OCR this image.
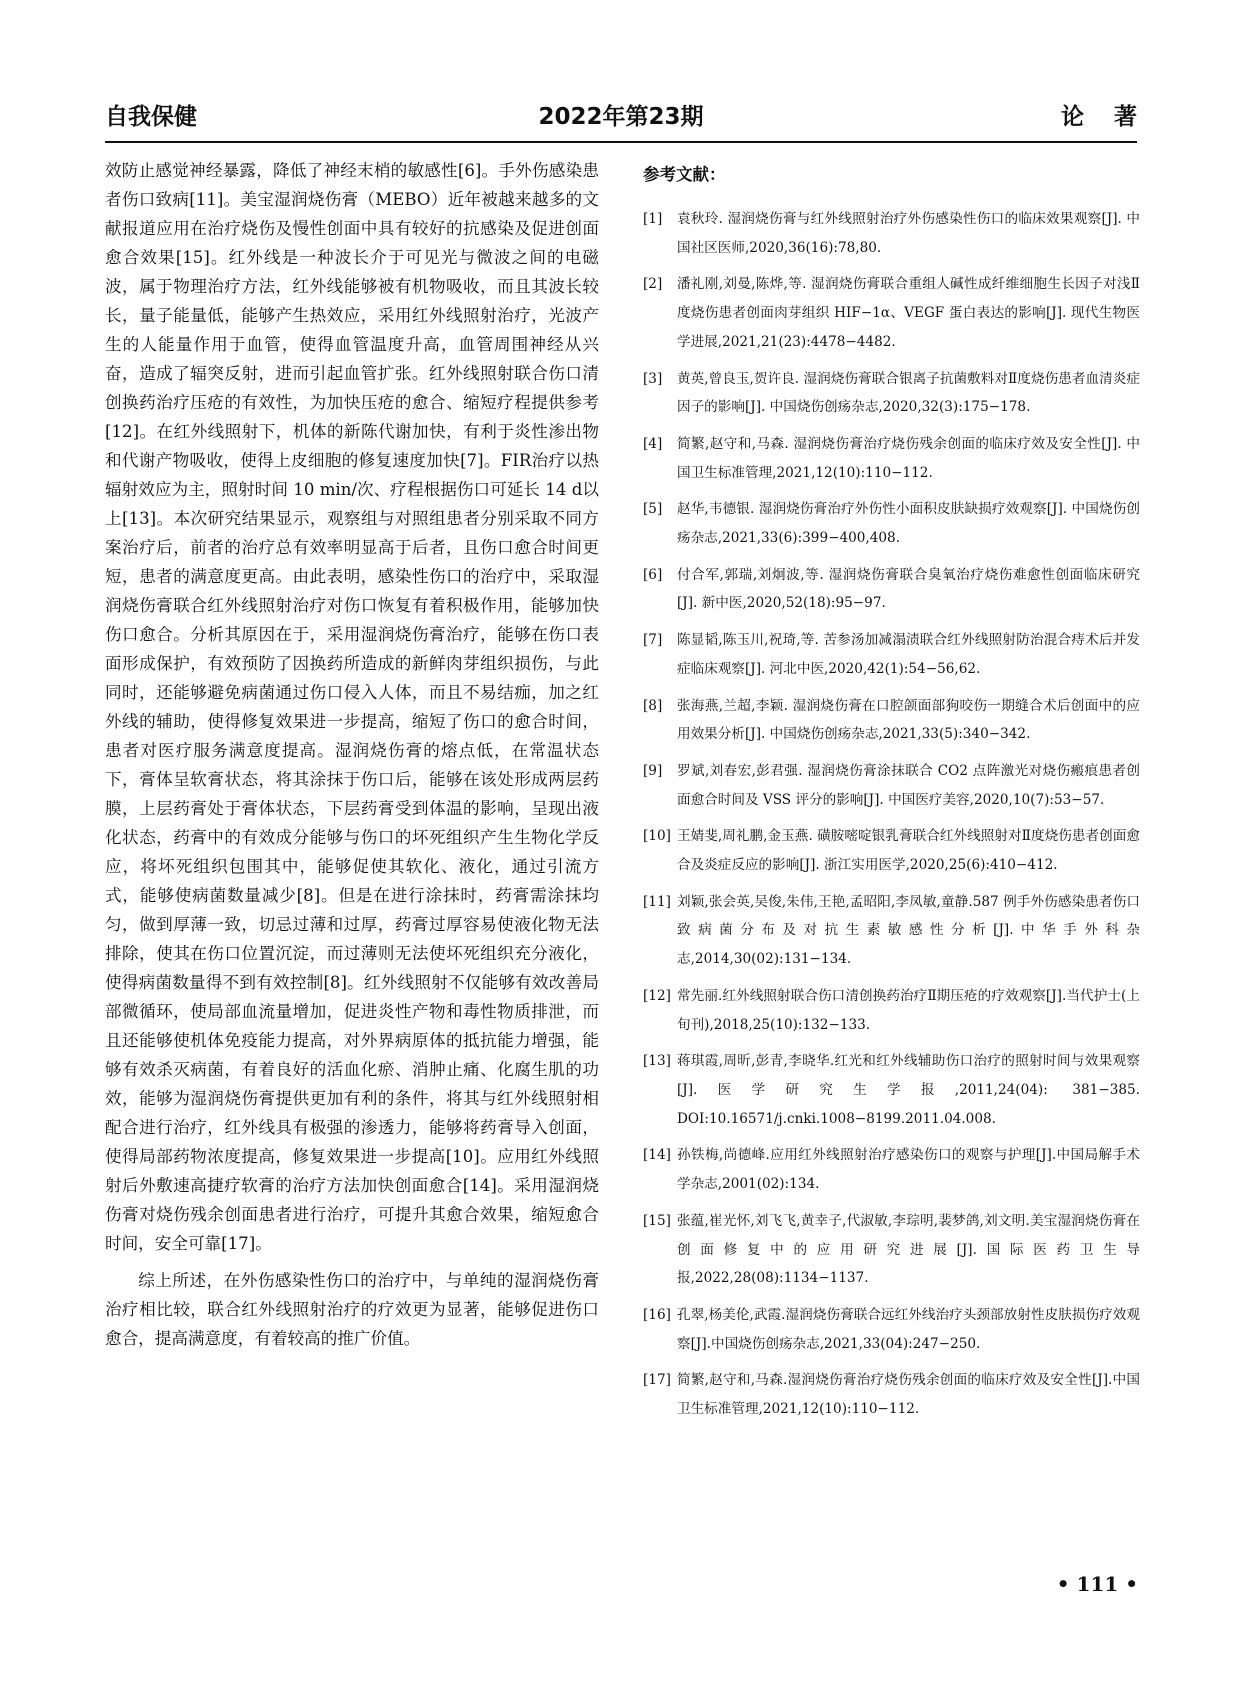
自我保健	2022年第23期	论著

效防止感觉神经暴露，降低了神经末梢的敏感性[6]。手外伤感染患者伤口致病[11]。美宝湿润烧伤膏（MEBO）近年被越来越多的文献报道应用在治疗烧伤及慢性创面中具有较好的抗感染及促进创面愈合效果[15]。红外线是一种波长介于可见光与微波之间的电磁波，属于物理治疗方法，红外线能够被有机物吸收，而且其波长较长，量子能量低，能够产生热效应，采用红外线照射治疗，光波产生的人能量作用于血管，使得血管温度升高，血管周围神经从兴奋，造成了辐突反射，进而引起血管扩张。红外线照射联合伤口清创换药治疗压疮的有效性，为加快压疮的愈合、缩短疗程提供参考[12]。在红外线照射下，机体的新陈代谢加快，有利于炎性渗出物和代谢产物吸收，使得上皮细胞的修复速度加快[7]。FIR治疗以热辐射效应为主，照射时间 10 min/次、疗程根据伤口可延长 14 d以上[13]。本次研究结果显示，观察组与对照组患者分别采取不同方案治疗后，前者的治疗总有效率明显高于后者，且伤口愈合时间更短，患者的满意度更高。由此表明，感染性伤口的治疗中，采取湿润烧伤膏联合红外线照射治疗对伤口恢复有着积极作用，能够加快伤口愈合。分析其原因在于，采用湿润烧伤膏治疗，能够在伤口表面形成保护，有效预防了因换药所造成的新鲜肉芽组织损伤，与此同时，还能够避免病菌通过伤口侵入人体，而且不易结痂，加之红外线的辅助，使得修复效果进一步提高，缩短了伤口的愈合时间，患者对医疗服务满意度提高。湿润烧伤膏的熔点低，在常温状态下，膏体呈软膏状态，将其涂抹于伤口后，能够在该处形成两层药膜，上层药膏处于膏体状态，下层药膏受到体温的影响，呈现出液化状态，药膏中的有效成分能够与伤口的坏死组织产生生物化学反应，将坏死组织包围其中，能够促使其软化、液化，通过引流方式，能够使病菌数量减少[8]。但是在进行涂抹时，药膏需涂抹均匀，做到厚薄一致，切忌过薄和过厚，药膏过厚容易使液化物无法排除，使其在伤口位置沉淀，而过薄则无法使坏死组织充分液化，使得病菌数量得不到有效控制[8]。红外线照射不仅能够有效改善局部微循环，使局部血流量增加，促进炎性产物和毒性物质排泄，而且还能够使机体免疫能力提高，对外界病原体的抵抗能力增强，能够有效杀灭病菌，有着良好的活血化瘀、消肿止痛、化腐生肌的功效，能够为湿润烧伤膏提供更加有利的条件，将其与红外线照射相配合进行治疗，红外线具有极强的渗透力，能够将药膏导入创面，使得局部药物浓度提高，修复效果进一步提高[10]。应用红外线照射后外敷速高捷疗软膏的治疗方法加快创面愈合[14]。采用湿润烧伤膏对烧伤残余创面患者进行治疗，可提升其愈合效果，缩短愈合时间，安全可靠[17]。

综上所述，在外伤感染性伤口的治疗中，与单纯的湿润烧伤膏治疗相比较，联合红外线照射治疗的疗效更为显著，能够促进伤口愈合，提高满意度，有着较高的推广价值。

参考文献：
[1] 袁秋玲. 湿润烧伤膏与红外线照射治疗外伤感染性伤口的临床效果观察[J]. 中国社区医师,2020,36(16):78,80.
[2] 潘礼刚,刘曼,陈烨,等. 湿润烧伤膏联合重组人碱性成纤维细胞生长因子对浅Ⅱ度烧伤患者创面肉芽组织 HIF−1α、VEGF 蛋白表达的影响[J]. 现代生物医学进展,2021,21(23):4478−4482.
[3] 黄英,曾良玉,贺许良. 湿润烧伤膏联合银离子抗菌敷料对Ⅱ度烧伤患者血清炎症因子的影响[J]. 中国烧伤创疡杂志,2020,32(3):175−178.
[4] 简繁,赵守和,马森. 湿润烧伤膏治疗烧伤残余创面的临床疗效及安全性[J]. 中国卫生标准管理,2021,12(10):110−112.
[5] 赵华,韦德银. 湿润烧伤膏治疗外伤性小面积皮肤缺损疗效观察[J]. 中国烧伤创疡杂志,2021,33(6):399−400,408.
[6] 付合军,郭瑞,刘炯波,等. 湿润烧伤膏联合臭氧治疗烧伤难愈性创面临床研究[J]. 新中医,2020,52(18):95−97.
[7] 陈显韬,陈玉川,祝琦,等. 苦参汤加减溻渍联合红外线照射防治混合痔术后并发症临床观察[J]. 河北中医,2020,42(1):54−56,62.
[8] 张海燕,兰超,李颖. 湿润烧伤膏在口腔颌面部狗咬伤一期缝合术后创面中的应用效果分析[J]. 中国烧伤创疡杂志,2021,33(5):340−342.
[9] 罗斌,刘春宏,彭君强. 湿润烧伤膏涂抹联合 CO2 点阵激光对烧伤瘢痕患者创面愈合时间及 VSS 评分的影响[J]. 中国医疗美容,2020,10(7):53−57.
[10] 王婧斐,周礼鹏,金玉燕. 磺胺嘧啶银乳膏联合红外线照射对Ⅱ度烧伤患者创面愈合及炎症反应的影响[J]. 浙江实用医学,2020,25(6):410−412.
[11] 刘颖,张会英,吴俊,朱伟,王艳,孟昭阳,李凤敏,童静.587 例手外伤感染患者伤口致病菌分布及对抗生素敏感性分析[J].中华手外科杂志,2014,30(02):131−134.
[12] 常先丽.红外线照射联合伤口清创换药治疗Ⅱ期压疮的疗效观察[J].当代护士(上旬刊),2018,25(10):132−133.
[13] 蒋琪霞,周昕,彭青,李晓华.红光和红外线辅助伤口治疗的照射时间与效果观察[J].医学研究生学报,2011,24(04): 381−385. DOI:10.16571/j.cnki.1008−8199.2011.04.008.
[14] 孙铁梅,尚德峰.应用红外线照射治疗感染伤口的观察与护理[J].中国局解手术学杂志,2001(02):134.
[15] 张蕴,崔光怀,刘飞飞,黄幸子,代淑敏,李琮明,裴梦鸽,刘文明.美宝湿润烧伤膏在创面修复中的应用研究进展[J].国际医药卫生导报,2022,28(08):1134−1137.
[16] 孔翠,杨美伦,武霞.湿润烧伤膏联合远红外线治疗头颈部放射性皮肤损伤疗效观察[J].中国烧伤创疡杂志,2021,33(04):247−250.
[17] 简繁,赵守和,马森.湿润烧伤膏治疗烧伤残余创面的临床疗效及安全性[J].中国卫生标准管理,2021,12(10):110−112.
• 111 •
